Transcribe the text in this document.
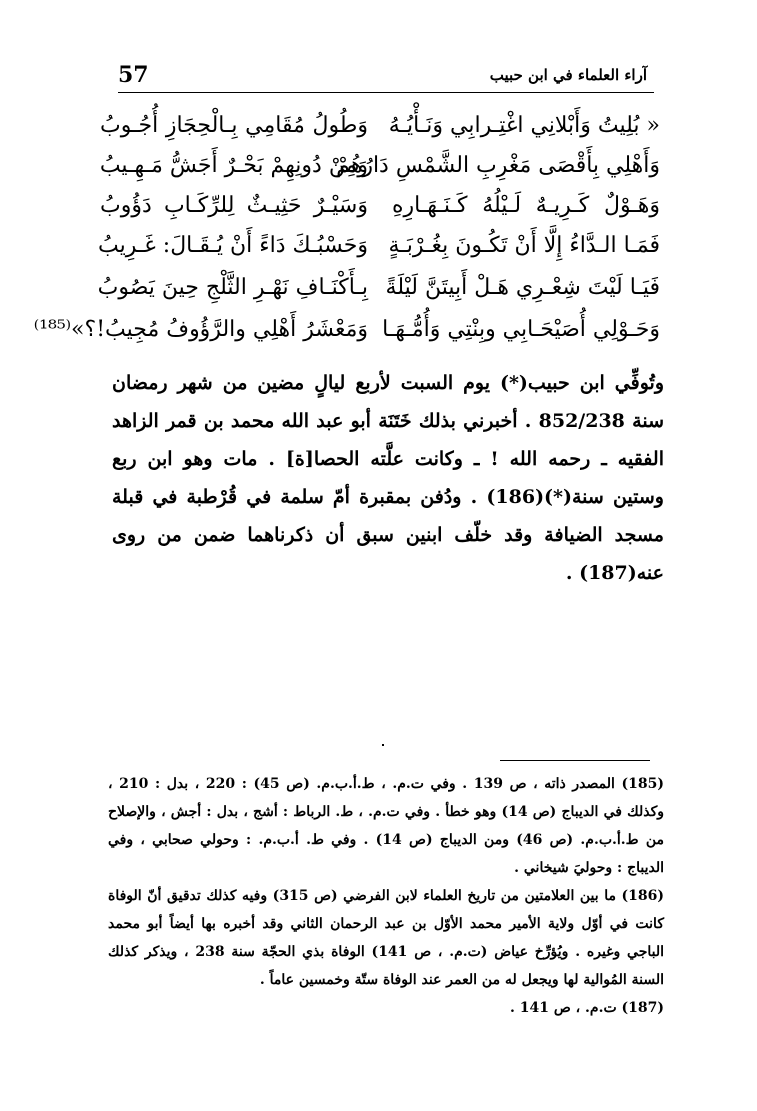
آراء العلماء في ابن حبيب
57
« بُلِيتُ وَأَبْلانِي اغْتِـرابِي وَنَـأْيُـهُ
وَطُولُ مُقَامِي بِـالْحِجَازِ أُجُـوبُ
وَأَهْلِي بِأَقْصَى مَغْرِبِ الشَّمْسِ دَارُهُمْ
وَمِنْ دُونِهِمْ بَحْـرٌ أَجَشُّ مَـهِـيبُ
وَهَـوْلٌ كَـرِيـهٌ لَـيْلُهُ كَـنَـهَـارِهِ
وَسَيْـرٌ حَثِيـثٌ لِلرِّكَـابِ دَؤُوبُ
فَمَـا الـدَّاءُ إِلَّا أَنْ تَكُـونَ بِغُـرْبَـةٍ
وَحَسْبُـكَ دَاءً أَنْ يُـقَـالَ: غَـرِيبُ
فَيَـا لَيْتَ شِعْـرِي هَـلْ أَبِيتَنَّ لَيْلَةً
بِـأَكْنَـافِ نَهْـرِ الثَّلْجِ حِينَ يَصُوبُ
وَحَـوْلِي أُصَيْحَـابِي وبِنْتِي وَأُمُّـهَـا
وَمَعْشَرُ أَهْلِي والرَّؤُوفُ مُجِيبُ!؟»⁽¹⁸⁵⁾

وتُوفِّي ابن حبيب(*) يوم السبت لأربع ليالٍ مضين من شهر رمضان سنة 852/238 . أخبرني بذلك خَتَنَة أبو عبد الله محمد بن قمر الزاهد الفقيه ـ رحمه الله ! ـ وكانت علَّته الحصا[ة] . مات وهو ابن ربع وستين سنة(*)(186) . ودُفن بمقبرة أمّ سلمة في قُرْطبة في قبلة مسجد الضيافة وقد خلّف ابنين سبق أن ذكرناهما ضمن من روى عنه(187) .

(185) المصدر ذاته ، ص 139 . وفي ت.م. ، ط.أ.ب.م. (ص 45) : 220 ، بدل : 210 ، وكذلك في الديباج (ص 14) وهو خطأ . وفي ت.م. ، ط. الرباط : أشج ، بدل : أجش ، والإصلاح من ط.أ.ب.م. (ص 46) ومن الديباج (ص 14) . وفي ط. أ.ب.م. : وحولي صحابي ، وفي الديباج : وحوليَ شيخاني .

(186) ما بين العلامتين من تاريخ العلماء لابن الفرضي (ص 315) وفيه كذلك تدقيق أنّ الوفاة كانت في أوّل ولاية الأمير محمد الأوّل بن عبد الرحمان الثاني وقد أخبره بها أيضاً أبو محمد الباجي وغيره . ويُؤرِّخ عياض (ت.م. ، ص 141) الوفاة بذي الحجّة سنة 238 ، ويذكر كذلك السنة المُوالية لها ويجعل له من العمر عند الوفاة ستّة وخمسين عاماً .

(187) ت.م. ، ص 141 .
